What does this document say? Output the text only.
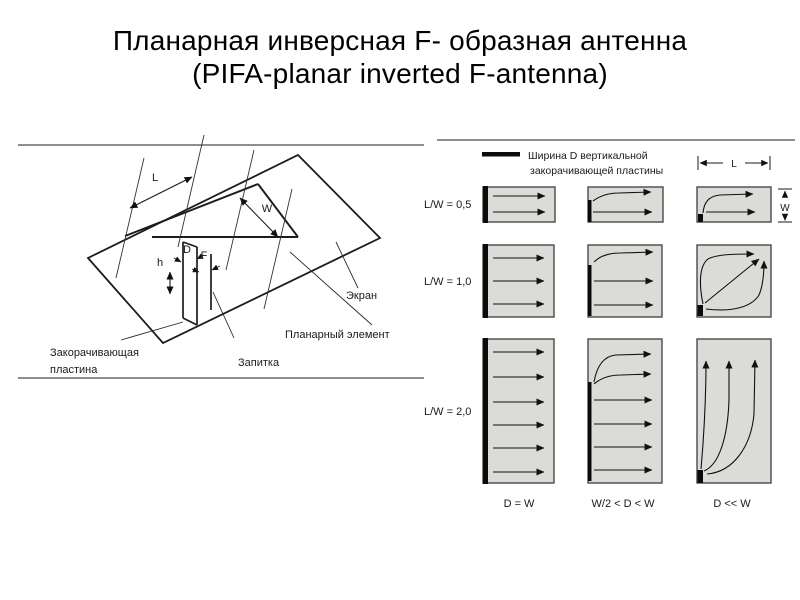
Планарная инверсная F- образная антенна
(PIFA-planar inverted F-antenna)
L
W
D F
h
Экран
Планарный элемент
Запитка
Закорачивающая
пластина
Ширина D вертикальной
закорачивающей пластины
L
W
L/W = 0,5
L/W = 1,0
L/W = 2,0
D = W	W/2 < D < W	D << W
